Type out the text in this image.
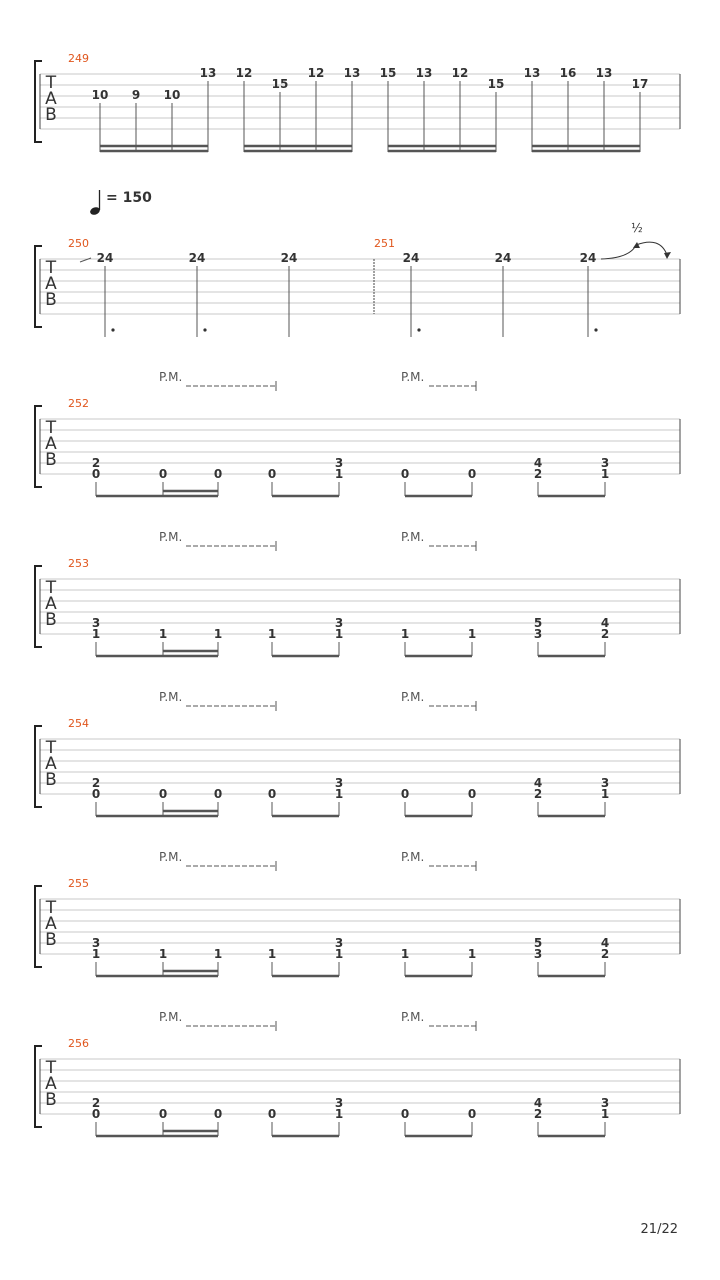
T
A
B
249
10 9 10
13 12
15
12 13 15 13 12
15
13 16 13
17
T
A
B
250
= 150
251
24	24	24	24	24	24
½
T
A
B
252
P.M.	P.M.
2
0	0	0	0
3
1	0	0
4
2
3
1
T
A
B
253
P.M.	P.M.
3
1	1	1	1
3
1	1	1
5
3
4
2
T
A
B
254
P.M.	P.M.
2
0	0	0	0
3
1	0	0
4
2
3
1
T
A
B
255
P.M.	P.M.
3
1	1	1	1
3
1	1	1
5
3
4
2
T
A
B
256
P.M.	P.M.
2
0	0	0	0
3
1	0	0
4
2
3
1
21/22
